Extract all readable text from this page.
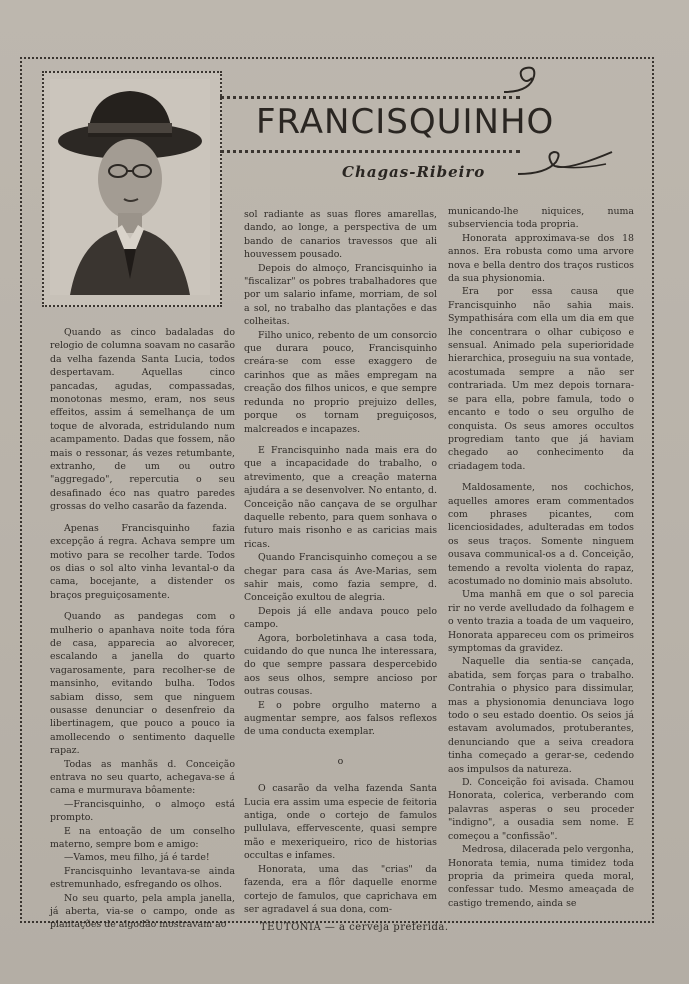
FRANCISQUINHO
Chagas-Ribeiro

Quando as cinco badaladas do relogio de columna soavam no casarão da velha fazenda Santa Lucia, todos despertavam. Aquellas cinco pancadas, agudas, compassadas, monotonas mesmo, eram, nos seus effeitos, assim á semelhança de um toque de alvorada, estridulando num acampamento. Dadas que fossem, não mais o ressonar, ás vezes retumbante, extranho, de um ou outro "aggregado", repercutia o seu desafinado éco nas quatro paredes grossas do velho casarão da fazenda.

Apenas Francisquinho fazia excepção á regra. Achava sempre um motivo para se recolher tarde. Todos os dias o sol alto vinha levantal-o da cama, bocejante, a distender os braços preguiçosamente.

Quando as pandegas com o mulherio o apanhava noite toda fóra de casa, apparecia ao alvorecer, escalando a janella do quarto vagarosamente, para recolher-se de mansinho, evitando bulha. Todos sabiam disso, sem que ninguem ousasse denunciar o desenfreio da libertinagem, que pouco a pouco ia amollecendo o sentimento daquelle rapaz.

Todas as manhãs d. Conceição entrava no seu quarto, achegava-se á cama e murmurava bôamente:

—Francisquinho, o almoço está prompto.

E na entoação de um conselho materno, sempre bom e amigo:

—Vamos, meu filho, já é tarde!

Francisquinho levantava-se ainda estremunhado, esfregando os olhos.

No seu quarto, pela ampla janella, já aberta, via-se o campo, onde as plantações de algodão mostravam ao

sol radiante as suas flores amarellas, dando, ao longe, a perspectiva de um bando de canarios travessos que ali houvessem pousado.

Depois do almoço, Francisquinho ia "fiscalizar" os pobres trabalhadores que por um salario infame, morriam, de sol a sol, no trabalho das plantações e das colheitas.

Filho unico, rebento de um consorcio que durara pouco, Francisquinho creára-se com esse exaggero de carinhos que as mães empregam na creação dos filhos unicos, e que sempre redunda no proprio prejuizo delles, porque os tornam preguiçosos, malcreados e incapazes.

E Francisquinho nada mais era do que a incapacidade do trabalho, o atrevimento, que a creação materna ajudára a se desenvolver. No entanto, d. Conceição não cançava de se orgulhar daquelle rebento, para quem sonhava o futuro mais risonho e as caricias mais ricas.

Quando Francisquinho começou a se chegar para casa ás Ave-Marias, sem sahir mais, como fazia sempre, d. Conceição exultou de alegria.

Depois já elle andava pouco pelo campo.

Agora, borboletinhava a casa toda, cuidando do que nunca lhe interessara, do que sempre passara despercebido aos seus olhos, sempre ancioso por outras cousas.

E o pobre orgulho materno a augmentar sempre, aos falsos reflexos de uma conducta exemplar.

o

O casarão da velha fazenda Santa Lucia era assim uma especie de feitoria antiga, onde o cortejo de famulos pullulava, effervescente, quasi sempre mão e mexeriqueiro, rico de historias occultas e infames.

Honorata, uma das "crias" da fazenda, era a flôr daquelle enorme cortejo de famulos, que caprichava em ser agradavel á sua dona, com-

municando-lhe niquices, numa subserviencia toda propria.

Honorata approximava-se dos 18 annos. Era robusta como uma arvore nova e bella dentro dos traços rusticos da sua physionomia.

Era por essa causa que Francisquinho não sahia mais. Sympathisára com ella um dia em que lhe concentrara o olhar cubiçoso e sensual. Animado pela superioridade hierarchica, proseguiu na sua vontade, acostumada sempre a não ser contrariada. Um mez depois tornara-se para ella, pobre famula, todo o encanto e todo o seu orgulho de conquista. Os seus amores occultos progrediam tanto que já haviam chegado ao conhecimento da criadagem toda.

Maldosamente, nos cochichos, aquelles amores eram commentados com phrases picantes, com licenciosidades, adulteradas em todos os seus traços. Somente ninguem ousava communical-os a d. Conceição, temendo a revolta violenta do rapaz, acostumado no dominio mais absoluto.

Uma manhã em que o sol parecia rir no verde avelludado da folhagem e o vento trazia a toada de um vaqueiro, Honorata appareceu com os primeiros symptomas da gravidez.

Naquelle dia sentia-se cançada, abatida, sem forças para o trabalho. Contrahia o physico para dissimular, mas a physionomia denunciava logo todo o seu estado doentio. Os seios já estavam avolumados, protuberantes, denunciando que a seiva creadora tinha começado a gerar-se, cedendo aos impulsos da natureza.

D. Conceição foi avisada. Chamou Honorata, colerica, verberando com palavras asperas o seu proceder "indigno", a ousadia sem nome. E começou a "confissão".

Medrosa, dilacerada pelo vergonha, Honorata temia, numa timidez toda propria da primeira queda moral, confessar tudo. Mesmo ameaçada de castigo tremendo, ainda se

TEUTONIA — a cerveja preferida.
